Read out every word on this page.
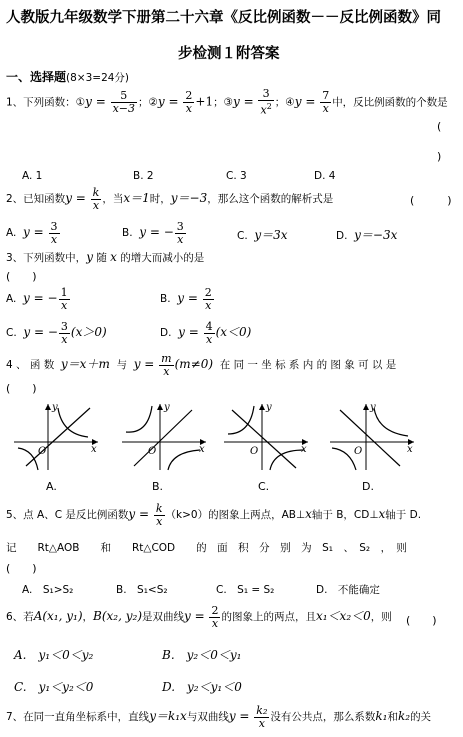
人教版九年级数学下册第二十六章《反比例函数－－反比例函数》同
步检测１附答案
一、选择题(8×3=24分)
1、下列函数：①y = $\frac{5}{x-3}$ ；②y = $\frac{2}{x} +1$；③y = $\frac{3}{x^2}$ ；④y = $\frac{7}{x}$ 中，反比例函数的个数是
(
)
A. 1	B. 2	C. 3	D. 4
2、已知函数$y = \frac{k}{x}$ ，当x＝1时，y＝−3，那么这个函数的解析式是	(　　　)
A. $y = \frac{3}{x}$	B. y = − $\frac{3}{x}$	C. y＝3x	D. y＝−3x
3、下列函数中，y 随 x 的增大而减小的是
(　　)
A. y = − $\frac{1}{x}$	B. $y = \frac{2}{x}$
C. y = − $\frac{3}{x} (x>0)$	D. $y = \frac{4}{x} (x<0)$
4 、 函 数 y＝x＋m 与 $y = \frac{m}{x} (m\ne 0)$ 在 同 一 坐 标 系 内 的 图 象 可 以 是
(　　)
O
y
x	O
y
x	O
y
x	O
y
x
A.	B.	C.	D.
5、点 A、C 是反比例函数$y = \frac{k}{x} (k>0)$的图象上两点，AB⊥x轴于 B，CD⊥x轴于 D.
记　　Rt△AOB　　和　　Rt△COD　　的　面　积　分　别　为　S₁　、　S₂　，　则
(　　)
A.　S₁>S₂	B.　S₁<S₂	C.　S₁ = S₂	D.　不能确定
6、若A(x₁, y₁)，B(x₂, y₂)是双曲线$y = \frac{2}{x}$ 的图象上的两点，且x₁＜x₂＜0，则 (　　)
A.　y₁＜0＜y₂	B.　y₂＜0＜y₁
C.　y₁＜y₂＜0	D.　y₂＜y₁＜0
7、在同一直角坐标系中，直线y＝k₁x与双曲线$y = \frac{\text{k₂}}{x}$ 没有公共点，那么系数k₁和k₂的关
